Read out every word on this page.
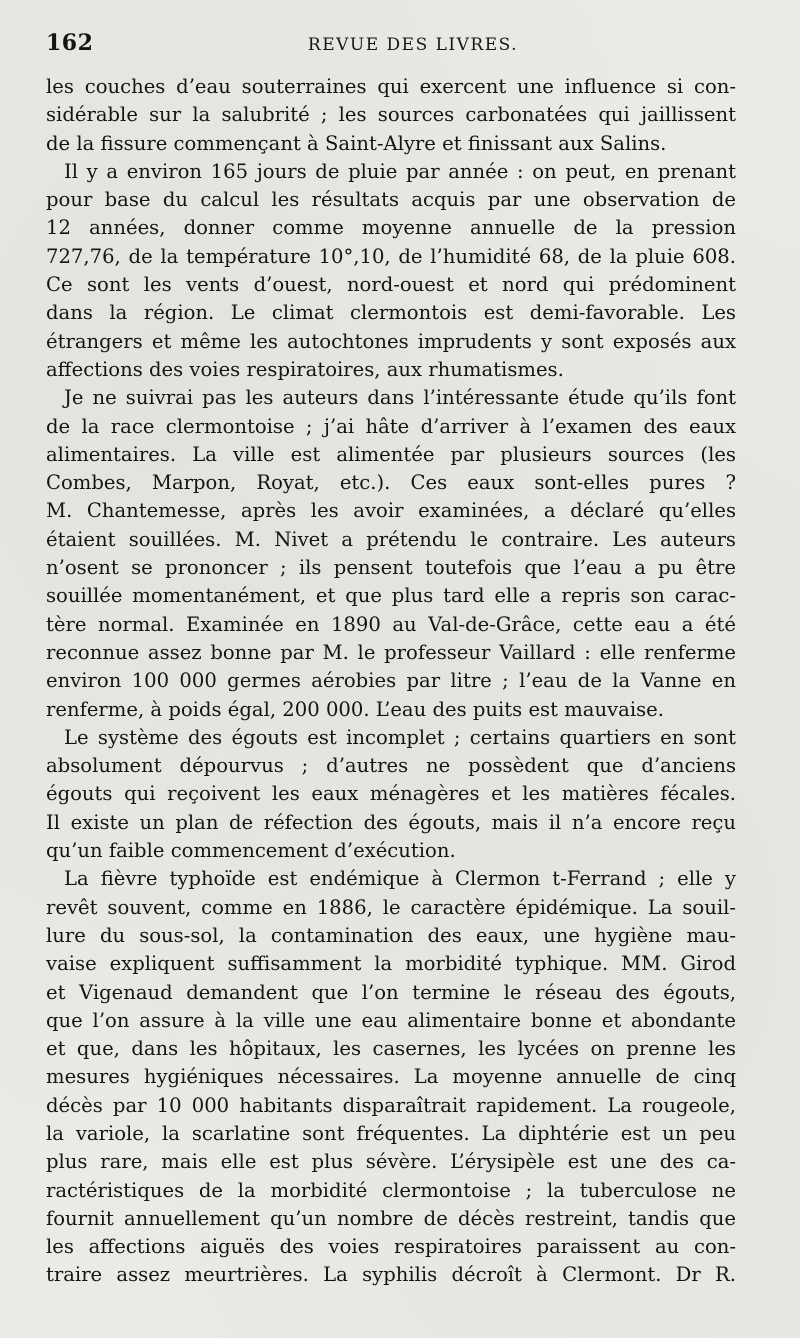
162	REVUE DES LIVRES.
les couches d’eau souterraines qui exercent une influence si con-
sidérable sur la salubrité ; les sources carbonatées qui jaillissent
de la fissure commençant à Saint-Alyre et finissant aux Salins.
Il y a environ 165 jours de pluie par année : on peut, en prenant
pour base du calcul les résultats acquis par une observation de
12 années, donner comme moyenne annuelle de la pression
727,76, de la température 10°,10, de l’humidité 68, de la pluie 608.
Ce sont les vents d’ouest, nord-ouest et nord qui prédominent
dans la région. Le climat clermontois est demi-favorable. Les
étrangers et même les autochtones imprudents y sont exposés aux
affections des voies respiratoires, aux rhumatismes.
Je ne suivrai pas les auteurs dans l’intéressante étude qu’ils font
de la race clermontoise ; j’ai hâte d’arriver à l’examen des eaux
alimentaires. La ville est alimentée par plusieurs sources (les
Combes, Marpon, Royat, etc.). Ces eaux sont-elles pures ?
M. Chantemesse, après les avoir examinées, a déclaré qu’elles
étaient souillées. M. Nivet a prétendu le contraire. Les auteurs
n’osent se prononcer ; ils pensent toutefois que l’eau a pu être
souillée momentanément, et que plus tard elle a repris son carac-
tère normal. Examinée en 1890 au Val-de-Grâce, cette eau a été
reconnue assez bonne par M. le professeur Vaillard : elle renferme
environ 100 000 germes aérobies par litre ; l’eau de la Vanne en
renferme, à poids égal, 200 000. L’eau des puits est mauvaise.
Le système des égouts est incomplet ; certains quartiers en sont
absolument dépourvus ; d’autres ne possèdent que d’anciens
égouts qui reçoivent les eaux ménagères et les matières fécales.
Il existe un plan de réfection des égouts, mais il n’a encore reçu
qu’un faible commencement d’exécution.
La fièvre typhoïde est endémique à Clermon t-Ferrand ; elle y
revêt souvent, comme en 1886, le caractère épidémique. La souil-
lure du sous-sol, la contamination des eaux, une hygiène mau-
vaise expliquent suffisamment la morbidité typhique. MM. Girod
et Vigenaud demandent que l’on termine le réseau des égouts,
que l’on assure à la ville une eau alimentaire bonne et abondante
et que, dans les hôpitaux, les casernes, les lycées on prenne les
mesures hygiéniques nécessaires. La moyenne annuelle de cinq
décès par 10 000 habitants disparaîtrait rapidement. La rougeole,
la variole, la scarlatine sont fréquentes. La diphtérie est un peu
plus rare, mais elle est plus sévère. L’érysipèle est une des ca-
ractéristiques de la morbidité clermontoise ; la tuberculose ne
fournit annuellement qu’un nombre de décès restreint, tandis que
les affections aiguës des voies respiratoires paraissent au con-
traire assez meurtrières. La syphilis décroît à Clermont. Dr R.
